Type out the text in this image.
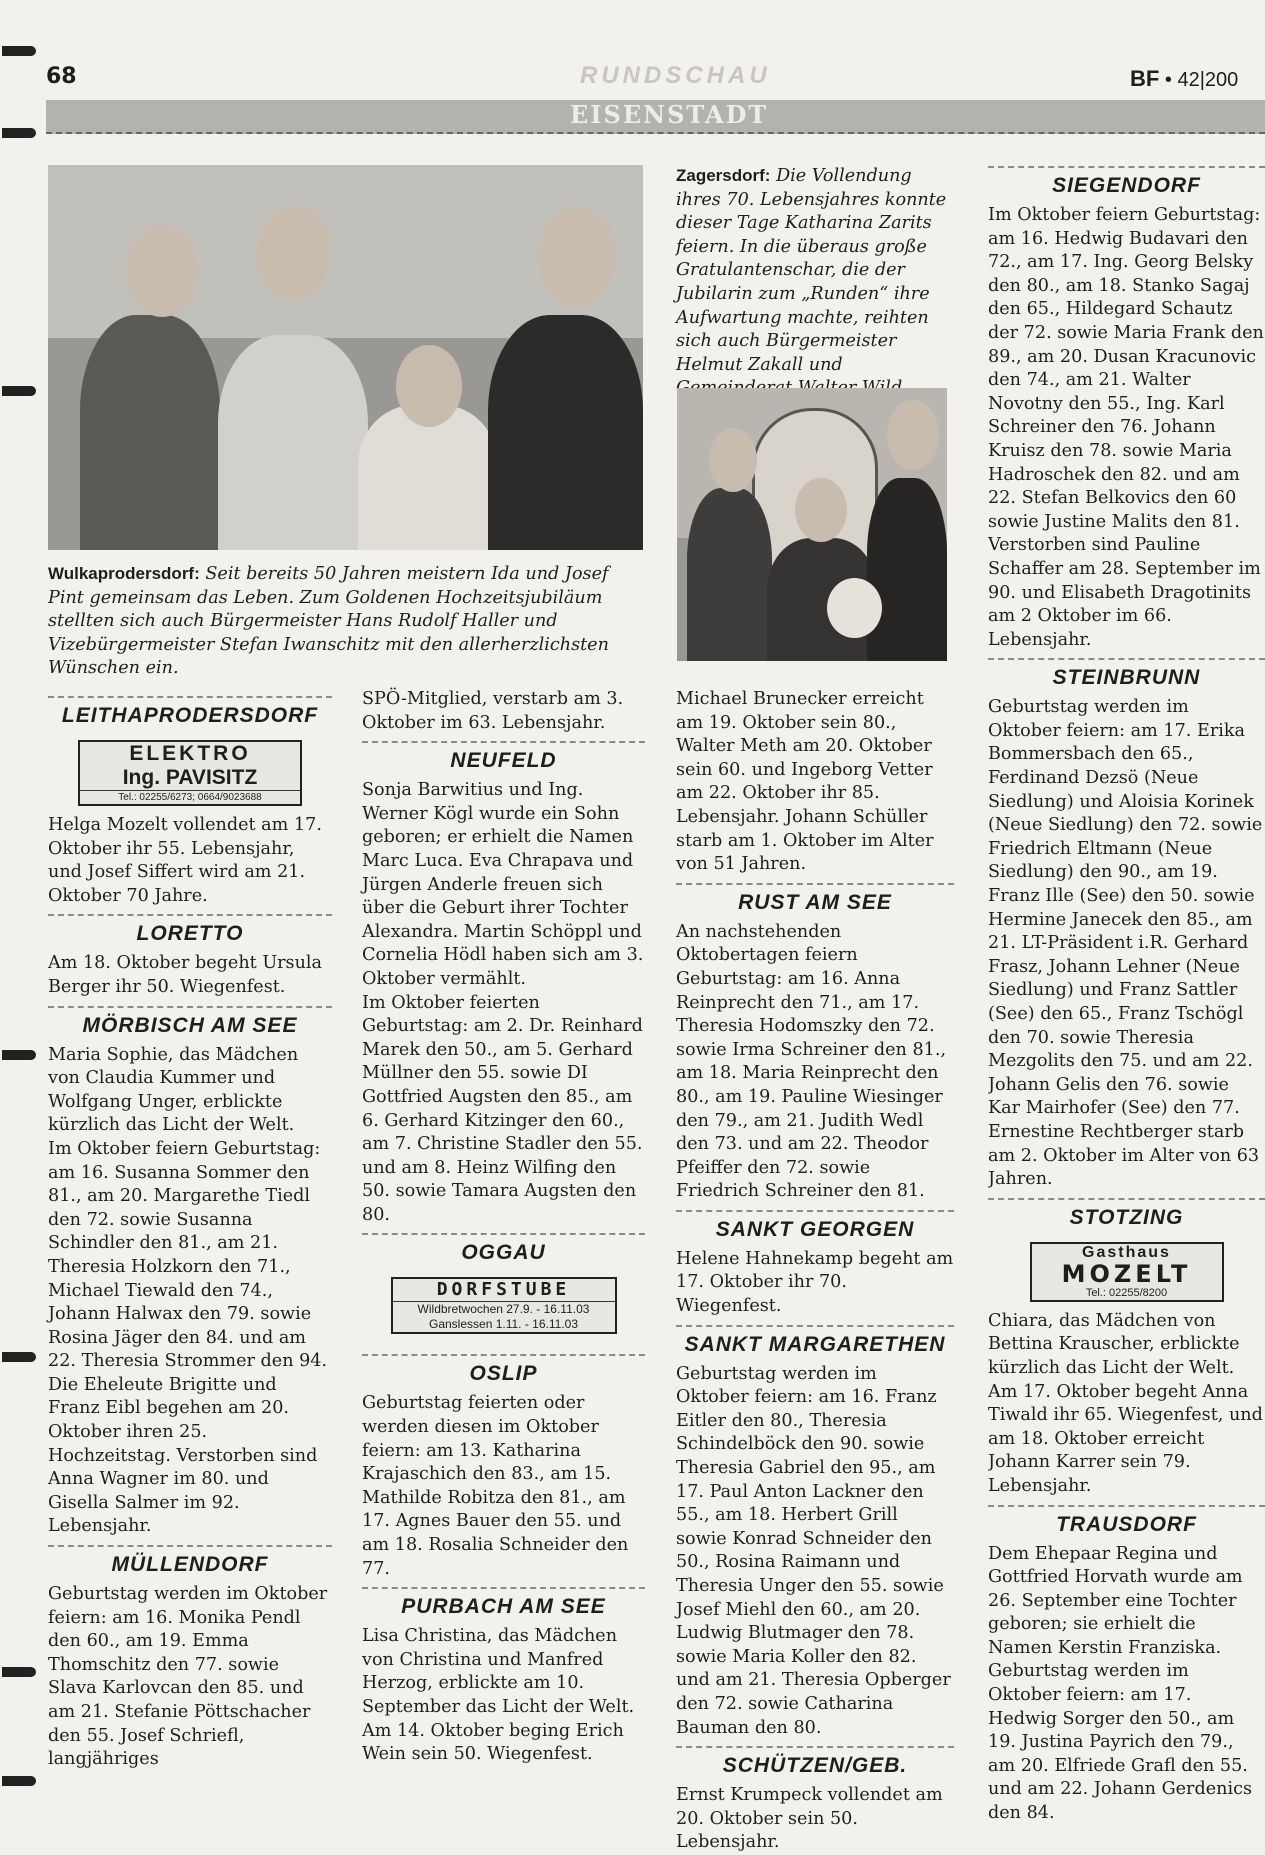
68	RUNDSCHAU	BF • 42|200
EISENSTADT
Wulkaprodersdorf: Seit bereits 50 Jahren meistern Ida und Josef Pint gemeinsam das Leben. Zum Goldenen Hochzeitsjubiläum stellten sich auch Bürgermeister Hans Rudolf Haller und Vizebürgermeister Stefan Iwanschitz mit den allerherzlichsten Wünschen ein.
Zagersdorf: Die Vollendung ihres 70. Lebensjahres konnte dieser Tage Katharina Zarits feiern. In die überaus große Gratulantenschar, die der Jubilarin zum „Runden“ ihre Aufwartung machte, reihten sich auch Bürgermeister Helmut Zakall und
LEITHAPRODERSDORF
ELEKTRO
Ing. PAVISITZ
Tel.: 02255/6273; 0664/9023688

Helga Mozelt vollendet am 17. Oktober ihr 55. Lebensjahr, und Josef Siffert wird am 21. Oktober 70 Jahre.

LORETTO

Am 18. Oktober begeht Ursula Berger ihr 50. Wiegenfest.

MÖRBISCH AM SEE

Maria Sophie, das Mädchen von Claudia Kummer und Wolfgang Unger, erblickte kürzlich das Licht der Welt.

Im Oktober feiern Geburtstag: am 16. Susanna Sommer den 81., am 20. Margarethe Tiedl den 72. sowie Susanna Schindler den 81., am 21. Theresia Holzkorn den 71., Michael Tiewald den 74., Johann Halwax den 79. sowie Rosina Jäger den 84. und am 22. Theresia Strommer den 94.

Die Eheleute Brigitte und Franz Eibl begehen am 20. Oktober ihren 25. Hochzeitstag. Verstorben sind Anna Wagner im 80. und Gisella Salmer im 92. Lebensjahr.

MÜLLENDORF

Geburtstag werden im Oktober feiern: am 16. Monika Pendl den 60., am 19. Emma Thomschitz den 77. sowie Slava Karlovcan den 85. und am 21. Stefanie Pöttschacher den 55. Josef Schriefl, langjähriges

SPÖ-Mitglied, verstarb am 3. Oktober im 63. Lebensjahr.

NEUFELD

Sonja Barwitius und Ing. Werner Kögl wurde ein Sohn geboren; er erhielt die Namen Marc Luca. Eva Chrapava und Jürgen Anderle freuen sich über die Geburt ihrer Tochter Alexandra. Martin Schöppl und Cornelia Hödl haben sich am 3. Oktober vermählt.

Im Oktober feierten Geburtstag: am 2. Dr. Reinhard Marek den 50., am 5. Gerhard Müllner den 55. sowie DI Gottfried Augsten den 85., am 6. Gerhard Kitzinger den 60., am 7. Christine Stadler den 55. und am 8. Heinz Wilfing den 50. sowie Tamara Augsten den 80.

OGGAU
DORFSTUBE
Wildbretwochen 27.9. - 16.11.03
Ganslessen 1.11. - 16.11.03
OSLIP

Geburtstag feierten oder werden diesen im Oktober feiern: am 13. Katharina Krajaschich den 83., am 15. Mathilde Robitza den 81., am 17. Agnes Bauer den 55. und am 18. Rosalia Schneider den 77.

PURBACH AM SEE

Lisa Christina, das Mädchen von Christina und Manfred Herzog, erblickte am 10. September das Licht der Welt.

Am 14. Oktober beging Erich Wein sein 50. Wiegenfest.

Michael Brunecker erreicht am 19. Oktober sein 80., Walter Meth am 20. Oktober sein 60. und Ingeborg Vetter am 22. Oktober ihr 85. Lebensjahr. Johann Schüller starb am 1. Oktober im Alter von 51 Jahren.

RUST AM SEE

An nachstehenden Oktobertagen feiern Geburtstag: am 16. Anna Reinprecht den 71., am 17. Theresia Hodomszky den 72. sowie Irma Schreiner den 81., am 18. Maria Reinprecht den 80., am 19. Pauline Wiesinger den 79., am 21. Judith Wedl den 73. und am 22. Theodor Pfeiffer den 72. sowie Friedrich Schreiner den 81.

SANKT GEORGEN

Helene Hahnekamp begeht am 17. Oktober ihr 70. Wiegenfest.

SANKT MARGARETHEN

Geburtstag werden im Oktober feiern: am 16. Franz Eitler den 80., Theresia Schindelböck den 90. sowie Theresia Gabriel den 95., am 17. Paul Anton Lackner den 55., am 18. Herbert Grill sowie Konrad Schneider den 50., Rosina Raimann und Theresia Unger den 55. sowie Josef Miehl den 60., am 20. Ludwig Blutmager den 78. sowie Maria Koller den 82. und am 21. Theresia Opberger den 72. sowie Catharina Bauman den 80.

SCHÜTZEN/GEB.

Ernst Krumpeck vollendet am 20. Oktober sein 50. Lebensjahr.

SIEGENDORF

Im Oktober feiern Geburtstag: am 16. Hedwig Budavari den 72., am 17. Ing. Georg Belsky den 80., am 18. Stanko Sagaj den 65., Hildegard Schautz der 72. sowie Maria Frank den 89., am 20. Dusan Kracunovic den 74., am 21. Walter Novotny den 55., Ing. Karl Schreiner den 76. Johann Kruisz den 78. sowie Maria Hadroschek den 82. und am 22. Stefan Belkovics den 60 sowie Justine Malits den 81. Verstorben sind Pauline Schaffer am 28. September im 90. und Elisabeth Dragotinits am 2 Oktober im 66. Lebensjahr.

STEINBRUNN

Geburtstag werden im Oktober feiern: am 17. Erika Bommersbach den 65., Ferdinand Dezsö (Neue Siedlung) und Aloisia Korinek (Neue Siedlung) den 72. sowie Friedrich Eltmann (Neue Siedlung) den 90., am 19. Franz Ille (See) den 50. sowie Hermine Janecek den 85., am 21. LT-Präsident i.R. Gerhard Frasz, Johann Lehner (Neue Siedlung) und Franz Sattler (See) den 65., Franz Tschögl den 70. sowie Theresia Mezgolits den 75. und am 22. Johann Gelis den 76. sowie Kar Mairhofer (See) den 77. Ernestine Rechtberger starb am 2. Oktober im Alter von 63 Jahren.

STOTZING
Gasthaus
MOZELT
Tel.: 02255/8200

Chiara, das Mädchen von Bettina Krauscher, erblickte kürzlich das Licht der Welt.

Am 17. Oktober begeht Anna Tiwald ihr 65. Wiegenfest, und am 18. Oktober erreicht Johann Karrer sein 79. Lebensjahr.

TRAUSDORF

Dem Ehepaar Regina und Gottfried Horvath wurde am 26. September eine Tochter geboren; sie erhielt die Namen Kerstin Franziska.

Geburtstag werden im Oktober feiern: am 17. Hedwig Sorger den 50., am 19. Justina Payrich den 79., am 20. Elfriede Grafl den 55. und am 22. Johann Gerdenics den 84.
